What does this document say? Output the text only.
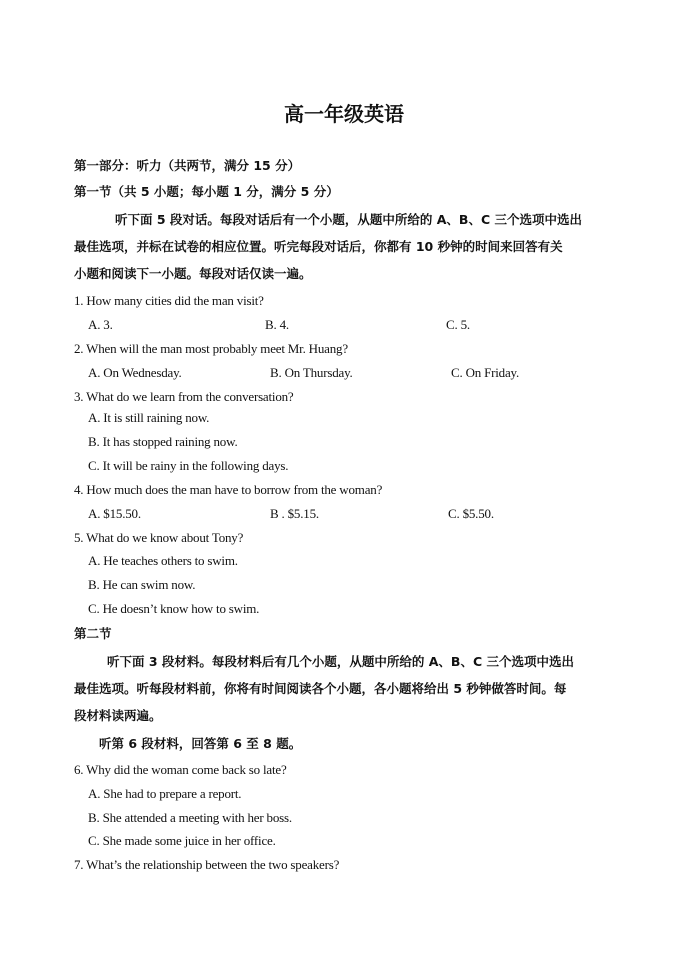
高一年级英语
第一部分：听力（共两节，满分 15 分）
第一节（共 5 小题；每小题 1 分，满分 5 分）
听下面 5 段对话。每段对话后有一个小题，从题中所给的 A、B、C 三个选项中选出
最佳选项，并标在试卷的相应位置。听完每段对话后，你都有 10 秒钟的时间来回答有关
小题和阅读下一小题。每段对话仅读一遍。
1. How many cities did the man visit?
A. 3.	B. 4.	C. 5.
2. When will the man most probably meet Mr. Huang?
A. On Wednesday.	B. On Thursday.	C. On Friday.
3. What do we learn from the conversation?
A. It is still raining now.
B. It has stopped raining now.
C. It will be rainy in the following days.
4. How much does the man have to borrow from the woman?
A. $15.50.	B . $5.15.	C. $5.50.
5. What do we know about Tony?
A. He teaches others to swim.
B. He can swim now.
C. He doesn’t know how to swim.
第二节
听下面 3 段材料。每段材料后有几个小题，从题中所给的 A、B、C 三个选项中选出
最佳选项。听每段材料前，你将有时间阅读各个小题，各小题将给出 5 秒钟做答时间。每
段材料读两遍。
听第 6 段材料，回答第 6 至 8 题。
6. Why did the woman come back so late?
A. She had to prepare a report.
B. She attended a meeting with her boss.
C. She made some juice in her office.
7. What’s the relationship between the two speakers?
